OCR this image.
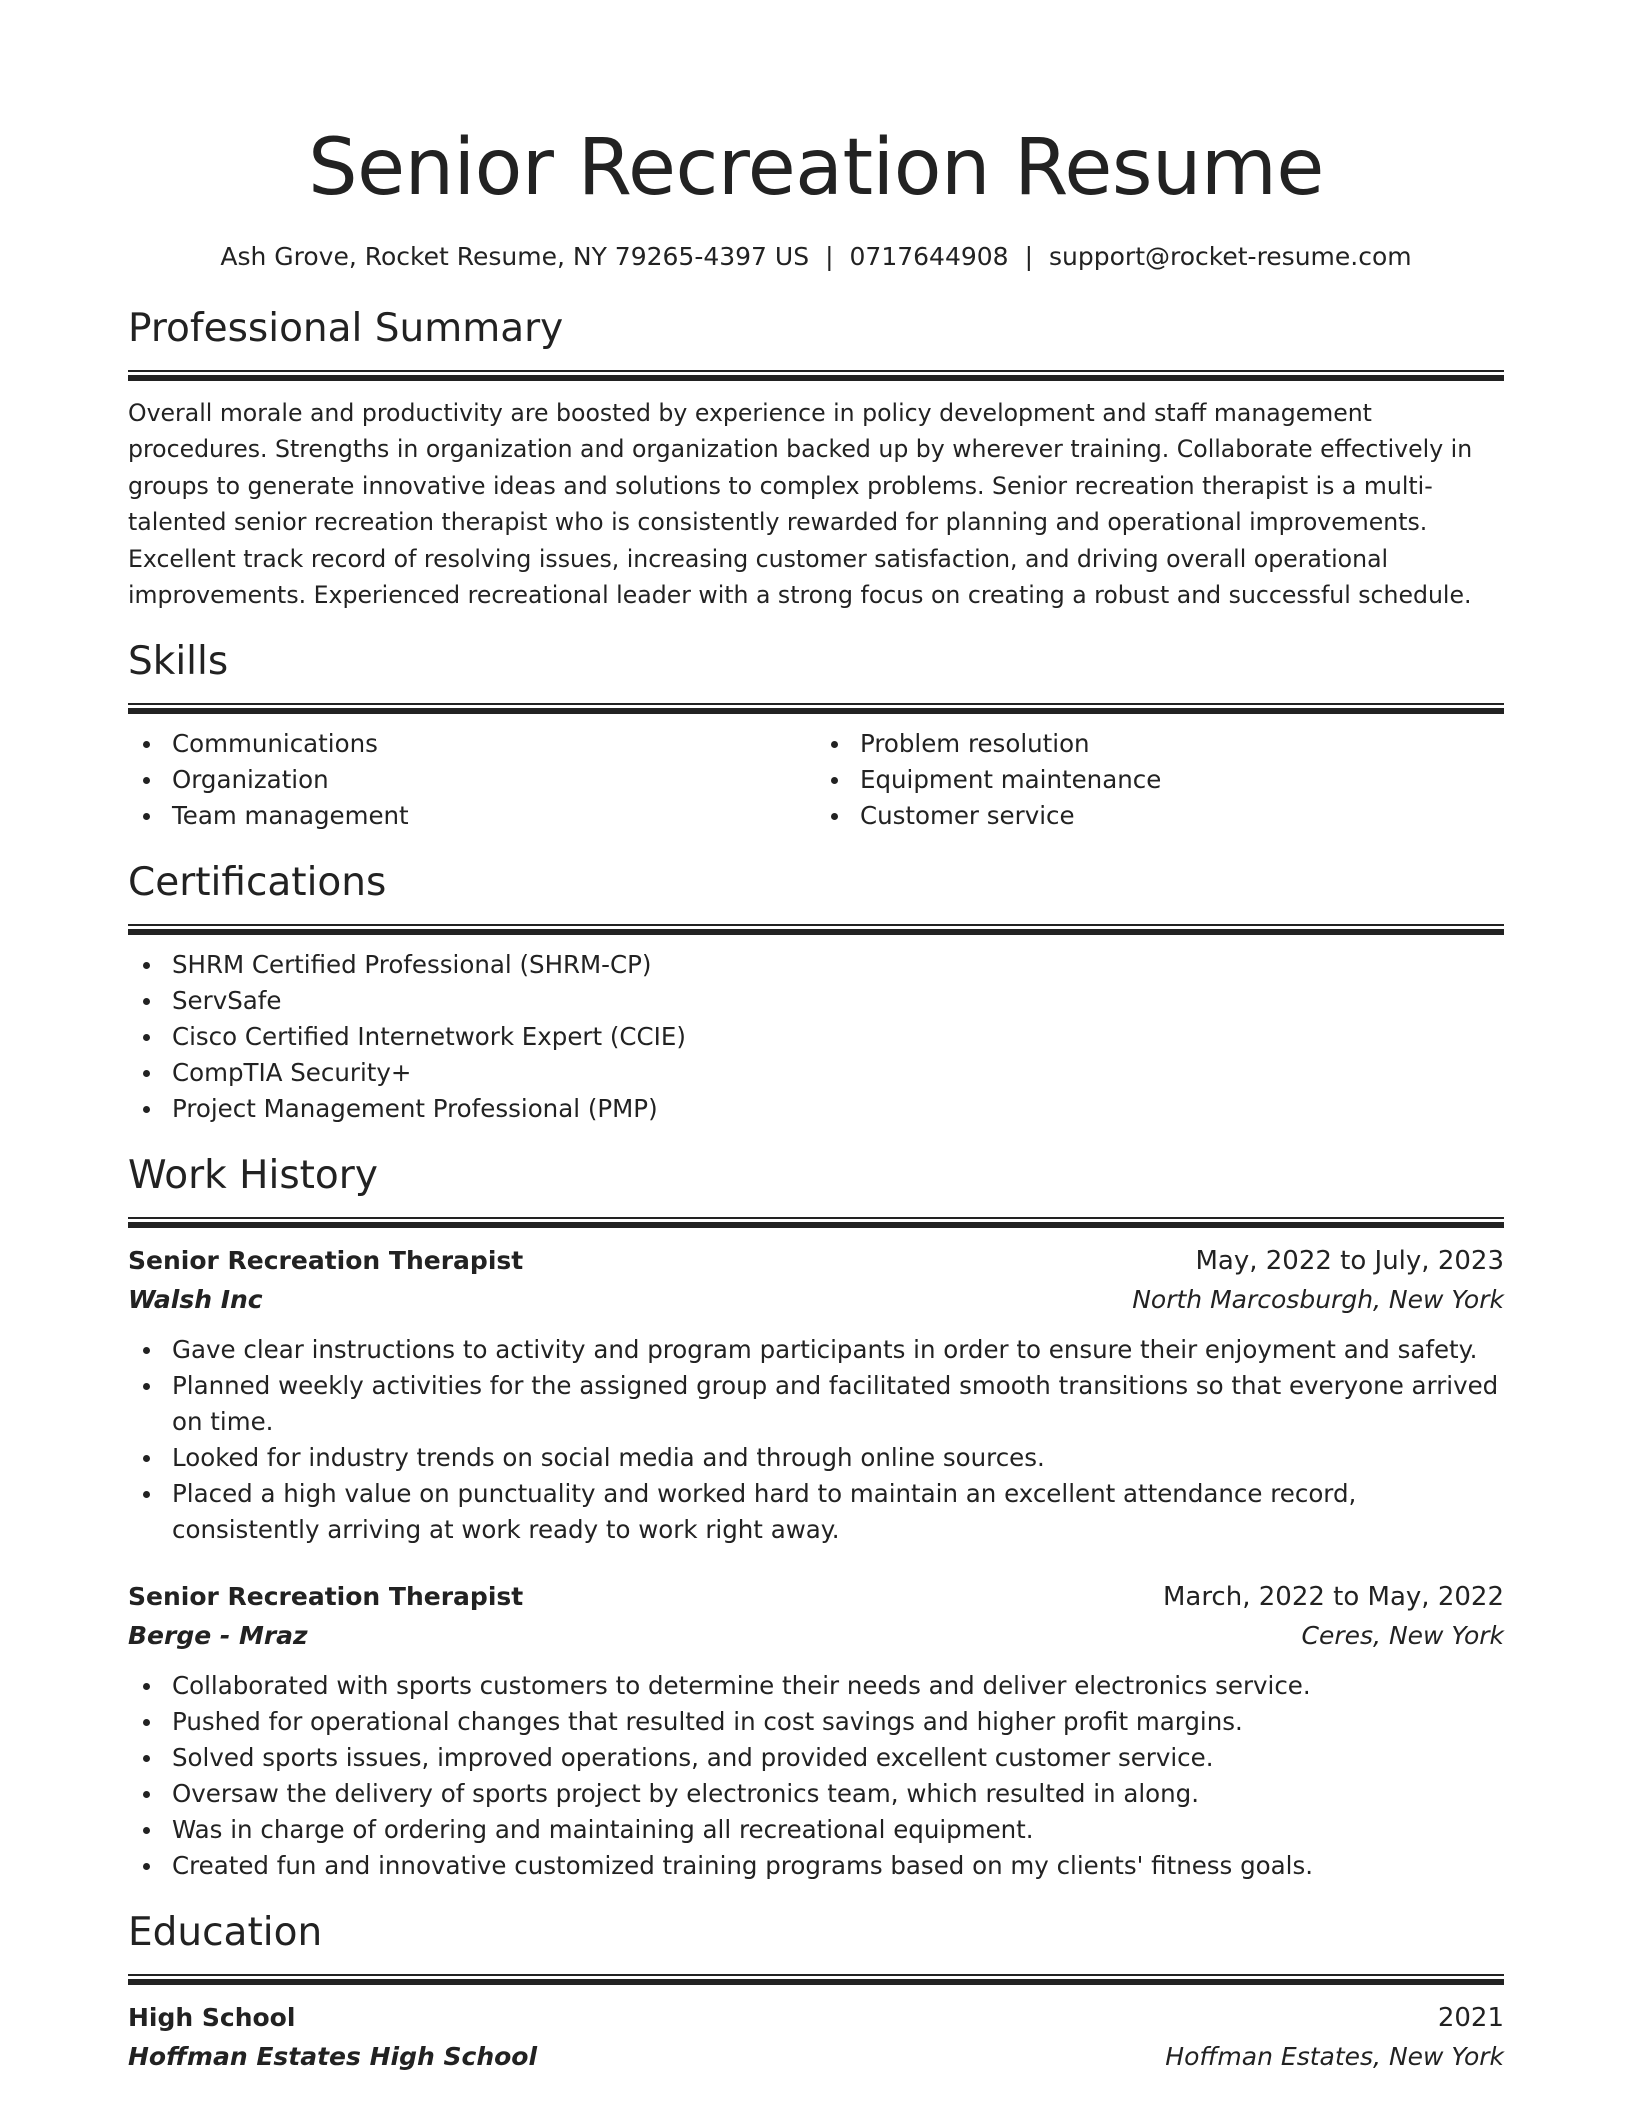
Senior Recreation Resume
Ash Grove, Rocket Resume, NY 79265-4397 US | 0717644908 | support@rocket-resume.com
Professional Summary
Overall morale and productivity are boosted by experience in policy development and staff management procedures. Strengths in organization and organization backed up by wherever training. Collaborate effectively in groups to generate innovative ideas and solutions to complex problems. Senior recreation therapist is a multi-talented senior recreation therapist who is consistently rewarded for planning and operational improvements. Excellent track record of resolving issues, increasing customer satisfaction, and driving overall operational improvements. Experienced recreational leader with a strong focus on creating a robust and successful schedule.
Skills
Communications
Organization
Team management
Problem resolution
Equipment maintenance
Customer service
Certifications
SHRM Certified Professional (SHRM-CP)
ServSafe
Cisco Certified Internetwork Expert (CCIE)
CompTIA Security+
Project Management Professional (PMP)
Work History
Senior Recreation Therapist	May, 2022 to July, 2023
Walsh Inc	North Marcosburgh, New York
Gave clear instructions to activity and program participants in order to ensure their enjoyment and safety.
Planned weekly activities for the assigned group and facilitated smooth transitions so that everyone arrived on time.
Looked for industry trends on social media and through online sources.
Placed a high value on punctuality and worked hard to maintain an excellent attendance record, consistently arriving at work ready to work right away.
Senior Recreation Therapist	March, 2022 to May, 2022
Berge - Mraz	Ceres, New York
Collaborated with sports customers to determine their needs and deliver electronics service.
Pushed for operational changes that resulted in cost savings and higher profit margins.
Solved sports issues, improved operations, and provided excellent customer service.
Oversaw the delivery of sports project by electronics team, which resulted in along.
Was in charge of ordering and maintaining all recreational equipment.
Created fun and innovative customized training programs based on my clients' fitness goals.
Education
High School	2021
Hoffman Estates High School	Hoffman Estates, New York
